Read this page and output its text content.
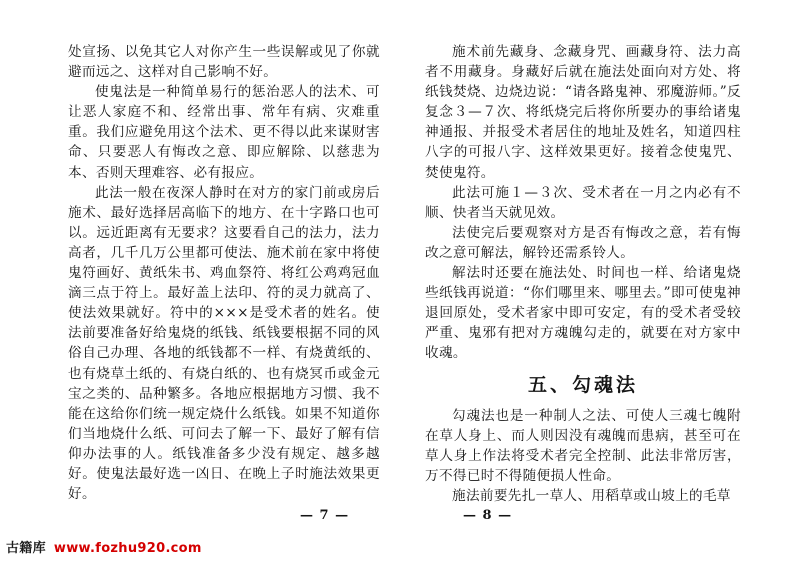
处宣扬、以免其它人对你产生一些误解或见了你就避而远之、这样对自己影响不好。

使鬼法是一种简单易行的惩治恶人的法术、可让恶人家庭不和、经常出事、常年有病、灾难重重。我们应避免用这个法术、更不得以此来谋财害命、只要恶人有悔改之意、即应解除、以慈悲为本、否则天理难容、必有报应。

此法一般在夜深人静时在对方的家门前或房后施术、最好选择居高临下的地方、在十字路口也可以。远近距离有无要求？这要看自己的法力，法力高者，几千几万公里都可使法、施术前在家中将使鬼符画好、黄纸朱书、鸡血祭符、将红公鸡鸡冠血滴三点于符上。最好盖上法印、符的灵力就高了、使法效果就好。符中的×××是受术者的姓名。使法前要准备好给鬼烧的纸钱、纸钱要根据不同的风俗自己办理、各地的纸钱都不一样、有烧黄纸的、也有烧草土纸的、有烧白纸的、也有烧冥币或金元宝之类的、品种繁多。各地应根据地方习惯、我不能在这给你们统一规定烧什么纸钱。如果不知道你们当地烧什么纸、可问去了解一下、最好了解有信仰办法事的人。纸钱准备多少没有规定、越多越好。使鬼法最好选一凶日、在晚上子时施法效果更好。

— 7 —

施术前先藏身、念藏身咒、画藏身符、法力高者不用藏身。身藏好后就在施法处面向对方处、将纸钱焚烧、边烧边说：“请各路鬼神、邪魔游师。”反复念３—７次、将纸烧完后将你所要办的事给诸鬼神通报、并报受术者居住的地址及姓名，知道四柱八字的可报八字、这样效果更好。接着念使鬼咒、焚使鬼符。

此法可施１—３次、受术者在一月之内必有不顺、快者当天就见效。

法使完后要观察对方是否有悔改之意，若有悔改之意可解法，解铃还需系铃人。

解法时还要在施法处、时间也一样、给诸鬼烧些纸钱再说道：“你们哪里来、哪里去。”即可使鬼神退回原处，受术者家中即可安定，有的受术者受较严重、鬼邪有把对方魂魄勾走的，就要在对方家中收魂。

五、勾魂法

勾魂法也是一种制人之法、可使人三魂七魄附在草人身上、而人则因没有魂魄而患病，甚至可在草人身上作法将受术者完全控制、此法非常厉害，万不得已时不得随便损人性命。

施法前要先扎一草人、用稻草或山坡上的毛草

— 8 —
古籍库 www.fozhu920.com
